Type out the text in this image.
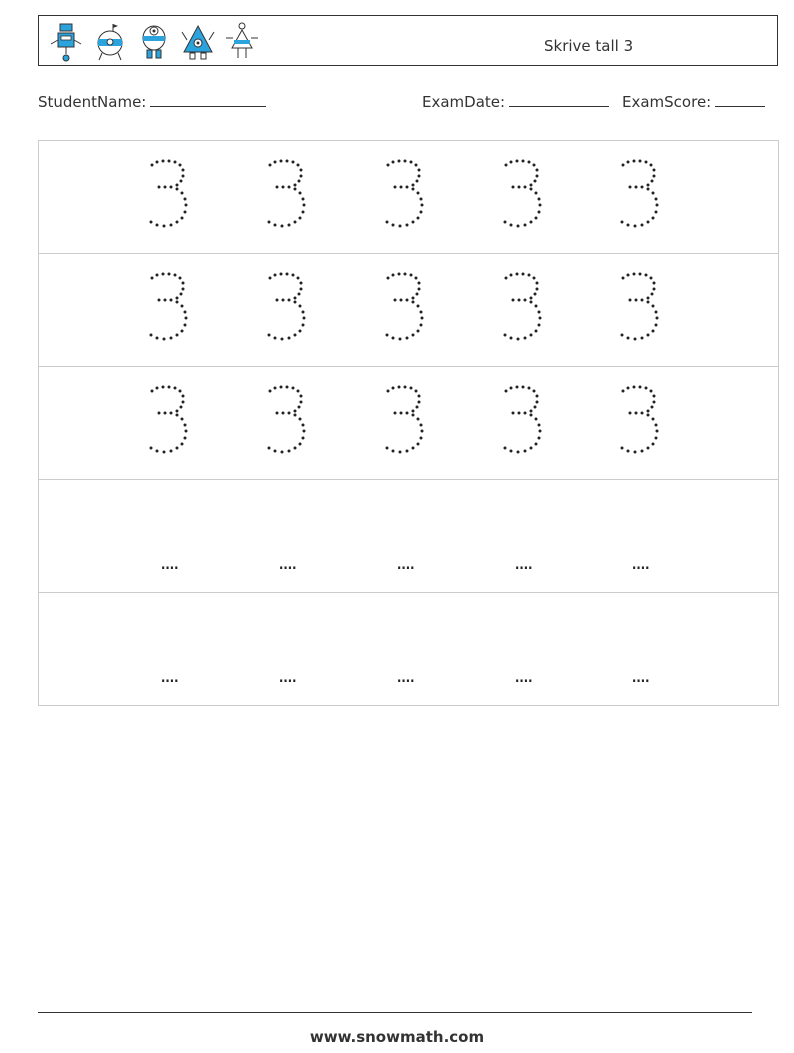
Skrive tall 3
StudentName:	ExamDate:	ExamScore:
....	....	....	....	....
....	....	....	....	....
www.snowmath.com
